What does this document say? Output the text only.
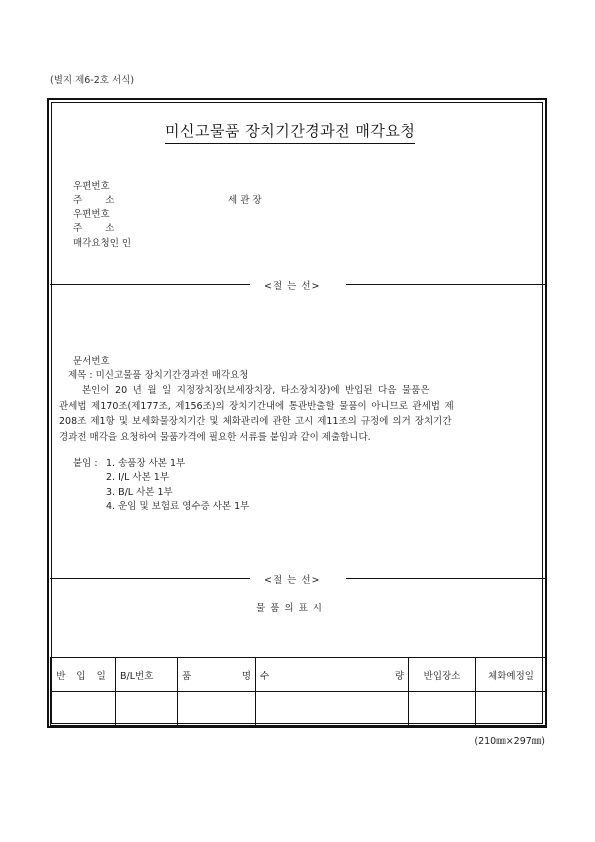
(별지 제6-2호 서식)
미신고물품 장치기간경과전 매각요청
우편번호
주 소	세 관 장
우편번호
주 소
매각요청인 인
<절 는 선>
문서번호
제목 : 미신고물품 장치기간경과전 매각요청
본인이 20 년 월 일 지정장치장(보세장치장, 타소장치장)에 반입된 다음 물품은
관세법 제170조(제177조, 제156조)의 장치기간내에 통관반출할 물품이 아니므로 관세법 제
208조 제1항 및 보세화물장치기간 및 체화관리에 관한 고시 제11조의 규정에 의거 장치기간
경과전 매각을 요청하여 물품가격에 필요한 서류를 붙임과 같이 제출합니다.
붙임 : 1. 송품장 사본 1부
2. I/L 사본 1부
3. B/L 사본 1부
4. 운임 및 보험료 영수증 사본 1부
<절 는 선>
물 품 의 표 시
반 입 일	B/L번호	품 명	수 량	반입장소	체화예정일

(210㎜×297㎜)
